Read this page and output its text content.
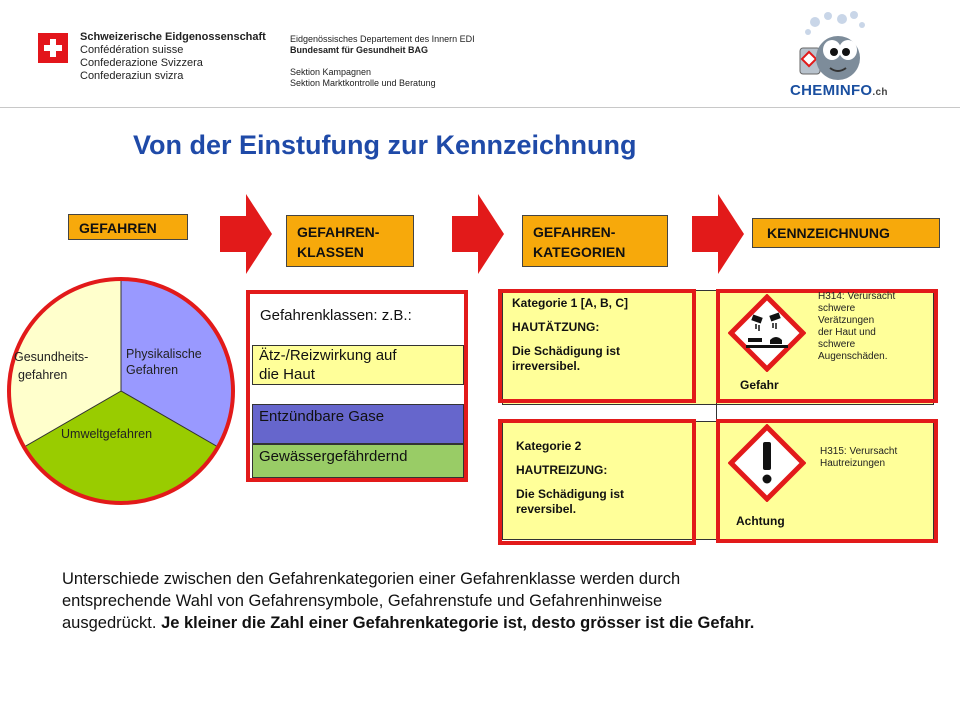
Schweizerische Eidgenossenschaft
Confédération suisse
Confederazione Svizzera
Confederaziun svizra
Eidgenössisches Departement des Innern EDI
Bundesamt für Gesundheit BAG

Sektion Kampagnen
Sektion Marktkontrolle und Beratung	CHEMINFO.ch
Von der Einstufung zur Kennzeichnung
GEFAHREN	GEFAHREN-
KLASSEN
GEFAHREN-
KATEGORIEN
KENNZEICHNUNG
Physikalische
Gefahren
Gesundheits-
gefahren
Umweltgefahren
Gefahrenklassen: z.B.:
Ätz-/Reizwirkung auf
die Haut
Entzündbare Gase
Gewässergefährdernd
Kategorie 1 [A, B, C]
HAUTÄTZUNG:
Die Schädigung ist
irreversibel.
Gefahr
H314: Verursacht
schwere
Verätzungen
der Haut und
schwere
Augenschäden.
Kategorie 2
HAUTREIZUNG:
Die Schädigung ist
reversibel.
Achtung
H315: Verursacht
Hautreizungen
Unterschiede zwischen den Gefahrenkategorien einer Gefahrenklasse werden durch
entsprechende Wahl von Gefahrensymbole, Gefahrenstufe und Gefahrenhinweise
ausgedrückt. Je kleiner die Zahl einer Gefahrenkategorie ist, desto grösser ist die Gefahr.
